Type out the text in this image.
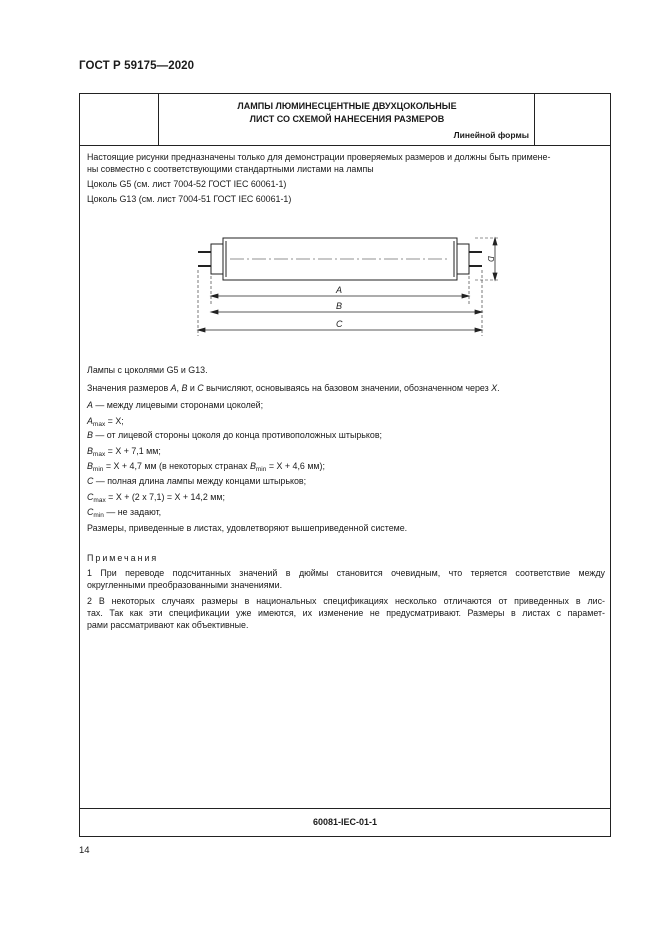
ГОСТ Р 59175—2020
ЛАМПЫ ЛЮМИНЕСЦЕНТНЫЕ ДВУХЦОКОЛЬНЫЕ
ЛИСТ СО СХЕМОЙ НАНЕСЕНИЯ РАЗМЕРОВ
Линейной формы
Настоящие рисунки предназначены только для демонстрации проверяемых размеров и должны быть примене-
ны совместно с соответствующими стандартными листами на лампы
Цоколь G5 (см. лист 7004-52 ГОСТ IEC 60061-1)
Цоколь G13 (см. лист 7004-51 ГОСТ IEC 60061-1)
A
B
C
D
Лампы с цоколями G5 и G13.
Значения размеров A, B и C вычисляют, основываясь на базовом значении, обозначенном через X.
A — между лицевыми сторонами цоколей;
$A_{max} = X$;
B — от лицевой стороны цоколя до конца противоположных штырьков;
$B_{max} = X + 7,1$ мм;
$B_{min} = X + 4,7$ мм (в некоторых странах $B_{min} = X + 4,6$ мм);
C — полная длина лампы между концами штырьков;
$C_{max} = X + (2$ x 7,1) = X + 14,2 мм;
$C_{min}$ — не задают,
Размеры, приведенные в листах, удовлетворяют вышеприведенной системе.
Примечания
1 При переводе подсчитанных значений в дюймы становится очевидным, что теряется соответствие между
округленными преобразованными значениями.
2 В некоторых случаях размеры в национальных спецификациях несколько отличаются от приведенных в лис-
тах. Так как эти спецификации уже имеются, их изменение не предусматривают. Размеры в листах с парамет-
рами рассматривают как объективные.
60081-IEC-01-1
14
